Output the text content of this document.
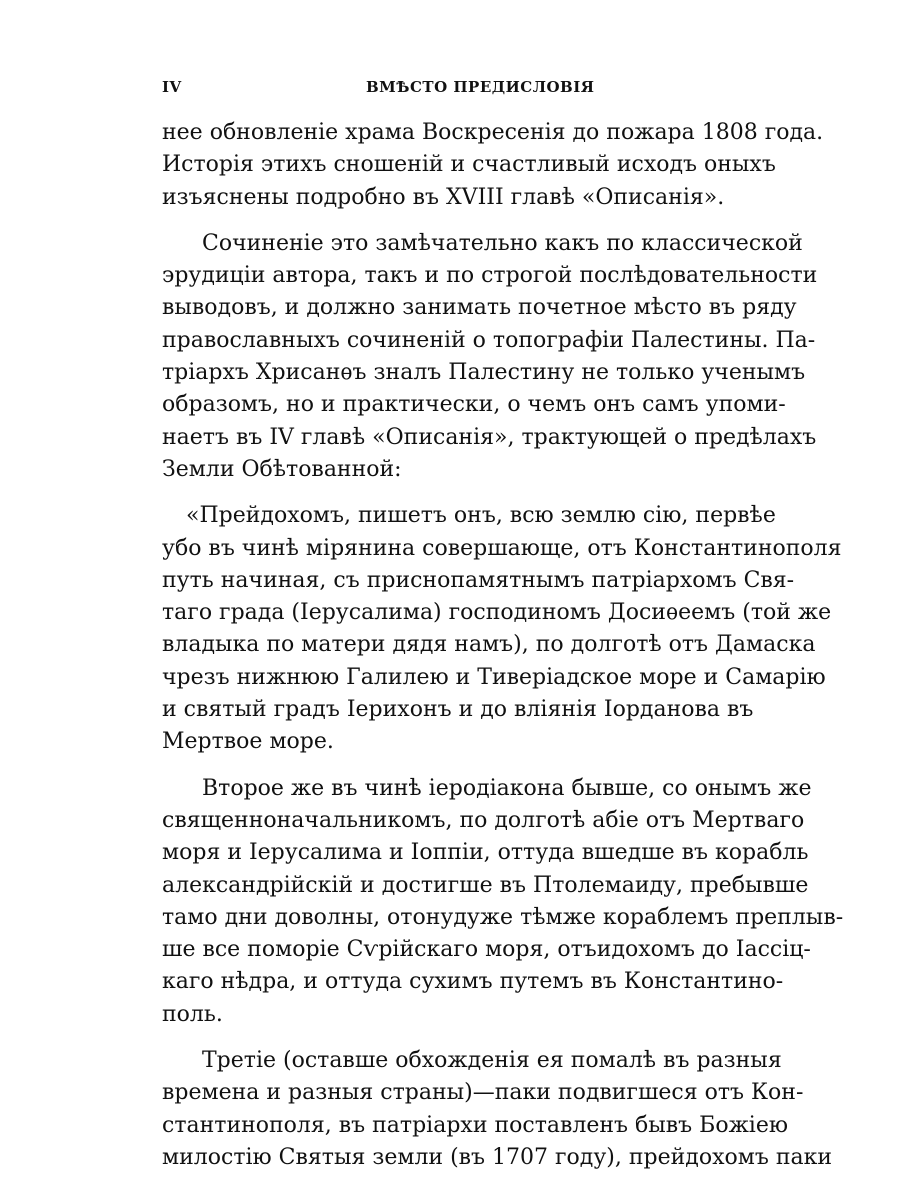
IV	ВМѢСТО ПРЕДИСЛОВІЯ
нее обновленіе храма Воскресенія до пожара 1808 года.
Исторія этихъ сношеній и счастливый исходъ оныхъ
изъяснены подробно въ XVIII главѣ «Описанія».
Сочиненіе это замѣчательно какъ по классической
эрудиціи автора, такъ и по строгой послѣдовательности
выводовъ, и должно занимать почетное мѣсто въ ряду
православныхъ сочиненій о топографіи Палестины. Па-
тріархъ Хрисанѳъ зналъ Палестину не только ученымъ
образомъ, но и практически, о чемъ онъ самъ упоми-
наетъ въ IV главѣ «Описанія», трактующей о предѣлахъ
Земли Обѣтованной:
«Прейдохомъ, пишетъ онъ, всю землю сію, первѣе
убо въ чинѣ мірянина совершающе, отъ Константинополя
путь начиная, съ приснопамятнымъ патріархомъ Свя-
таго града (Іерусалима) господиномъ Досиѳеемъ (той же
владыка по матери дядя намъ), по долготѣ отъ Дамаска
чрезъ нижнюю Галилею и Тиверіадское море и Самарію
и святый градъ Іерихонъ и до вліянія Іорданова въ
Мертвое море.
Второе же въ чинѣ іеродіакона бывше, со онымъ же
священноначальникомъ, по долготѣ абіе отъ Мертваго
моря и Іерусалима и Іоппіи, оттуда вшедше въ корабль
александрійскій и достигше въ Птолемаиду, пребывше
тамо дни доволны, отонудуже тѣмже кораблемъ преплыв-
ше все поморіе Сѵрійскаго моря, отъидохомъ до Іассіц-
каго нѣдра, и оттуда сухимъ путемъ въ Константино-
поль.
Третіе (оставше обхожденія ея помалѣ въ разныя
времена и разныя страны)—паки подвигшеся отъ Кон-
стантинополя, въ патріархи поставленъ бывъ Божіею
милостію Святыя земли (въ 1707 году), прейдохомъ паки
